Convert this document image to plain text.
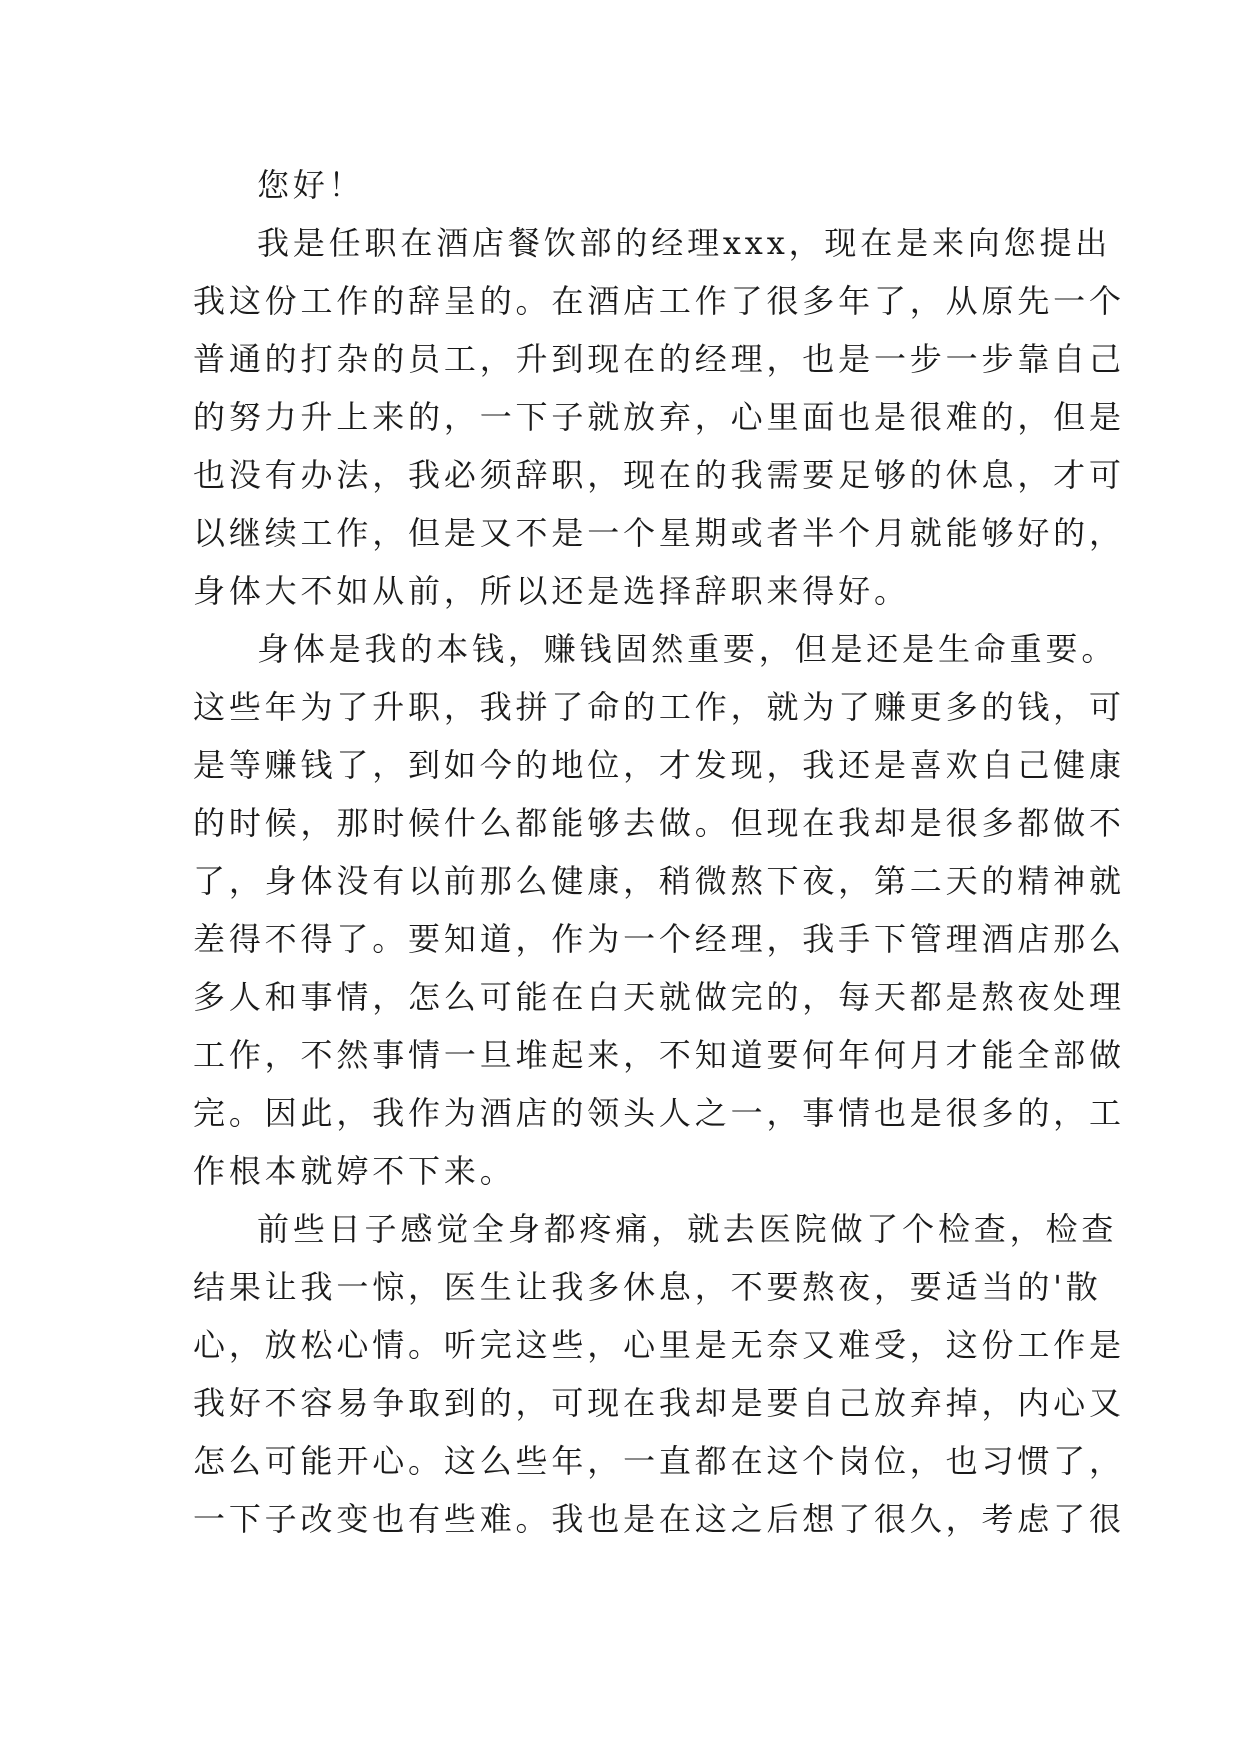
您好！
我是任职在酒店餐饮部的经理xxx，现在是来向您提出
我这份工作的辞呈的。在酒店工作了很多年了，从原先一个
普通的打杂的员工，升到现在的经理，也是一步一步靠自己
的努力升上来的，一下子就放弃，心里面也是很难的，但是
也没有办法，我必须辞职，现在的我需要足够的休息，才可
以继续工作，但是又不是一个星期或者半个月就能够好的，
身体大不如从前，所以还是选择辞职来得好。
身体是我的本钱，赚钱固然重要，但是还是生命重要。
这些年为了升职，我拼了命的工作，就为了赚更多的钱，可
是等赚钱了，到如今的地位，才发现，我还是喜欢自己健康
的时候，那时候什么都能够去做。但现在我却是很多都做不
了，身体没有以前那么健康，稍微熬下夜，第二天的精神就
差得不得了。要知道，作为一个经理，我手下管理酒店那么
多人和事情，怎么可能在白天就做完的，每天都是熬夜处理
工作，不然事情一旦堆起来，不知道要何年何月才能全部做
完。因此，我作为酒店的领头人之一，事情也是很多的，工
作根本就婷不下来。
前些日子感觉全身都疼痛，就去医院做了个检查，检查
结果让我一惊，医生让我多休息，不要熬夜，要适当的'散
心，放松心情。听完这些，心里是无奈又难受，这份工作是
我好不容易争取到的，可现在我却是要自己放弃掉，内心又
怎么可能开心。这么些年，一直都在这个岗位，也习惯了，
一下子改变也有些难。我也是在这之后想了很久，考虑了很
